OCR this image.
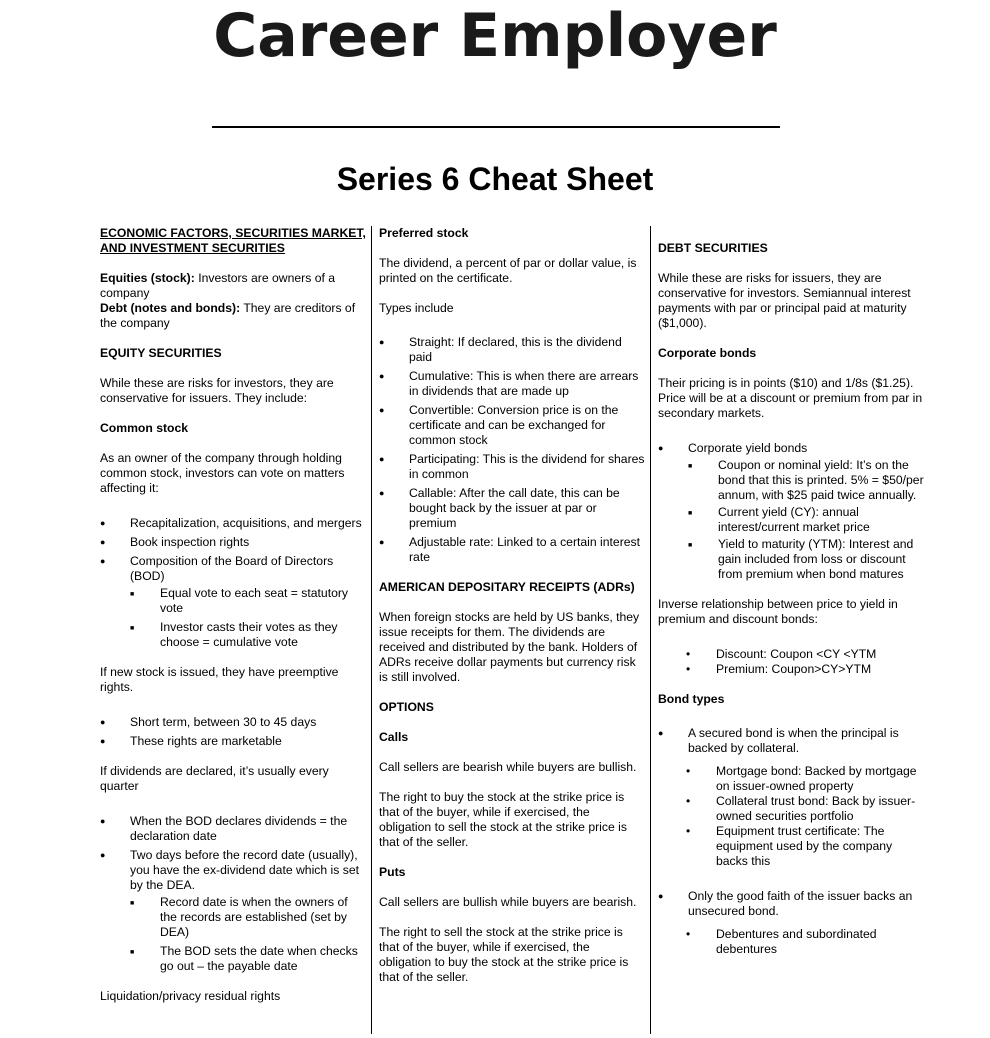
Career Employer
Series 6 Cheat Sheet
ECONOMIC FACTORS, SECURITIES MARKET, AND INVESTMENT SECURITIES

Equities (stock): Investors are owners of a company

Debt (notes and bonds): They are creditors of the company

EQUITY SECURITIES

While these are risks for investors, they are conservative for issuers. They include:

Common stock

As an owner of the company through holding common stock, investors can vote on matters affecting it:

● Recapitalization, acquisitions, and mergers
● Book inspection rights
● Composition of the Board of Directors (BOD)
■ Equal vote to each seat = statutory vote
■ Investor casts their votes as they choose = cumulative vote

If new stock is issued, they have preemptive rights.

● Short term, between 30 to 45 days
● These rights are marketable

If dividends are declared, it’s usually every quarter

● When the BOD declares dividends = the declaration date
● Two days before the record date (usually), you have the ex-dividend date which is set by the DEA.
■ Record date is when the owners of the records are established (set by DEA)
■ The BOD sets the date when checks go out – the payable date

Liquidation/privacy residual rights

Preferred stock

The dividend, a percent of par or dollar value, is printed on the certificate.

Types include

● Straight: If declared, this is the dividend paid
● Cumulative: This is when there are arrears in dividends that are made up
● Convertible: Conversion price is on the certificate and can be exchanged for common stock
● Participating: This is the dividend for shares in common
● Callable: After the call date, this can be bought back by the issuer at par or premium
● Adjustable rate: Linked to a certain interest rate
AMERICAN DEPOSITARY RECEIPTS (ADRs)

When foreign stocks are held by US banks, they issue receipts for them. The dividends are received and distributed by the bank. Holders of ADRs receive dollar payments but currency risk is still involved.

OPTIONS
Calls

Call sellers are bearish while buyers are bullish.

The right to buy the stock at the strike price is that of the buyer, while if exercised, the obligation to sell the stock at the strike price is that of the seller.

Puts

Call sellers are bullish while buyers are bearish.

The right to sell the stock at the strike price is that of the buyer, while if exercised, the obligation to buy the stock at the strike price is that of the seller.

DEBT SECURITIES

While these are risks for issuers, they are conservative for investors. Semiannual interest payments with par or principal paid at maturity ($1,000).

Corporate bonds

Their pricing is in points ($10) and 1/8s ($1.25). Price will be at a discount or premium from par in secondary markets.

● Corporate yield bonds
■ Coupon or nominal yield: It’s on the bond that this is printed. 5% = $50/per annum, with $25 paid twice annually.
■ Current yield (CY): annual interest/current market price
■ Yield to maturity (YTM): Interest and gain included from loss or discount from premium when bond matures

Inverse relationship between price to yield in premium and discount bonds:

• Discount: Coupon <CY <YTM
• Premium: Coupon>CY>YTM
Bond types
● A secured bond is when the principal is backed by collateral.
• Mortgage bond: Backed by mortgage on issuer-owned property
• Collateral trust bond: Back by issuer-owned securities portfolio
• Equipment trust certificate: The equipment used by the company backs this
● Only the good faith of the issuer backs an unsecured bond.
• Debentures and subordinated debentures
